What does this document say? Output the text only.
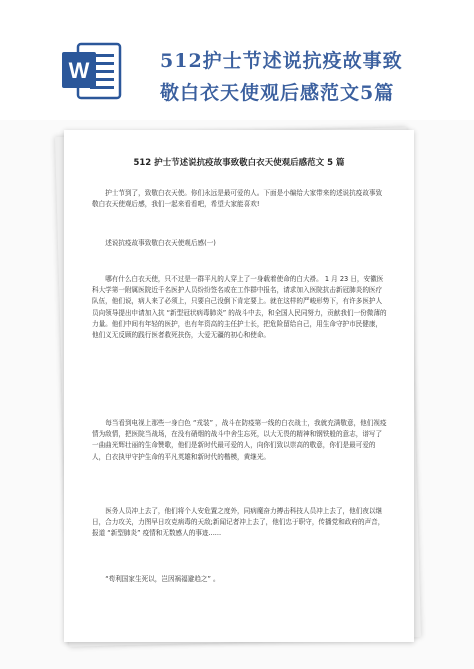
W	512护士节述说抗疫故事致
敬白衣天使观后感范文5篇
512 护士节述说抗疫故事致敬白衣天使观后感范文 5 篇

护士节到了，致敬白衣天使。你们永远是最可爱的人。下面是小编给大家带来的述说抗疫故事致敬白衣天使观后感，我们一起来看看吧，希望大家能喜欢!

述说抗疫故事致敬白衣天使观后感(一)

哪有什么白衣天使，只不过是一群平凡的人穿上了一身载着使命的白大褂。 1 月 23 日，安徽医科大学第一附属医院近千名医护人员纷纷签名或在工作群中报名，请求加入医院抗击新冠肺炎的医疗队伍，他们说，病人来了必须上，只要自己没倒下肯定要上。就在这样的严峻形势下，有许多医护人员向领导提出申请加入抗 “新型冠状病毒肺炎” 的战斗中去，和全国人民同努力，贡献我们一份微薄的力量。他们中间有年轻的医护，也有年资高的主任护士长，把危险留给自己，用生命守护市民健康，他们义无反顾的践行医者救死扶伤，大爱无疆的初心和使命。

每当看到电视上那些一身白色 “戎装” ，战斗在防疫第一线的白衣战士，我就充满敬意，他们视疫情为敌情，把医院当战场，在没有硝烟的战斗中舍生忘死，以大无畏的精神和钢铁般的意志，谱写了一曲曲光辉壮丽的生命赞歌，他们是新时代最可爱的人，向你们致以崇高的敬意，你们是最可爱的人，白衣执甲守护生命的平凡英雄和新时代的楷模，黄继光。

医务人员冲上去了，他们将个人安危置之度外，同病魔奋力搏击科技人员冲上去了，他们夜以继日，合力攻关，力图早日攻克病毒的天敌;新闻记者冲上去了，他们忠于职守，传播党和政府的声音，报道 “新型肺炎” 疫情和无数感人的事迹......

“苟利国家生死以，岂因祸福避趋之” 。
